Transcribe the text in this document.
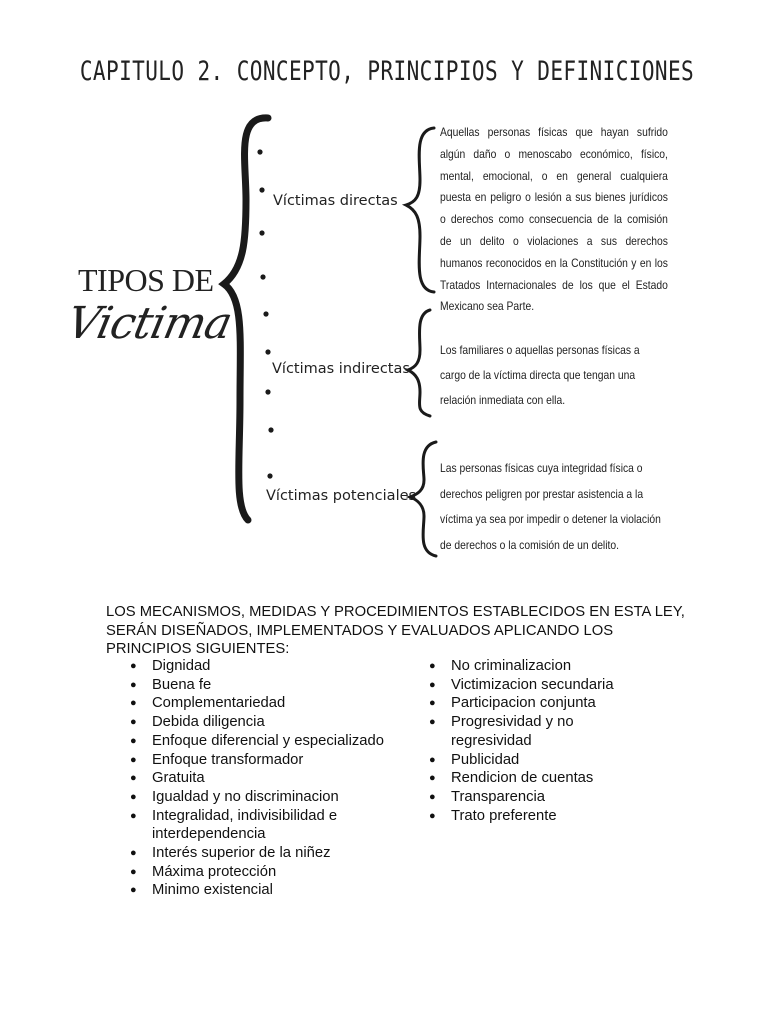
CAPITULO 2. CONCEPTO, PRINCIPIOS Y DEFINICIONES
TIPOS DE
Victima
Víctimas directas
Víctimas indirectas
Víctimas potenciales
Aquellas personas físicas que hayan sufrido algún daño o menoscabo económico, físico, mental, emocional, o en general cualquiera puesta en peligro o lesión a sus bienes jurídicos o derechos como consecuencia de la comisión de un delito o violaciones a sus derechos humanos reconocidos en la Constitución y en los Tratados Internacionales de los que el Estado Mexicano sea Parte.
Los familiares o aquellas personas físicas a cargo de la víctima directa que tengan una relación inmediata con ella.
Las personas físicas cuya integridad física o derechos peligren por prestar asistencia a la víctima ya sea por impedir o detener la violación de derechos o la comisión de un delito.
LOS MECANISMOS, MEDIDAS Y PROCEDIMIENTOS ESTABLECIDOS EN ESTA LEY, SERÁN DISEÑADOS, IMPLEMENTADOS Y EVALUADOS APLICANDO LOS PRINCIPIOS SIGUIENTES:
● Dignidad
● Buena fe
● Complementariedad
● Debida diligencia
● Enfoque diferencial y especializado
● Enfoque transformador
● Gratuita
● Igualdad y no discriminacion
● Integralidad, indivisibilidad e interdependencia
● Interés superior de la niñez
● Máxima protección
● Minimo existencial
● No criminalizacion
● Victimizacion secundaria
● Participacion conjunta
● Progresividad y no regresividad
● Publicidad
● Rendicion de cuentas
● Transparencia
● Trato preferente
